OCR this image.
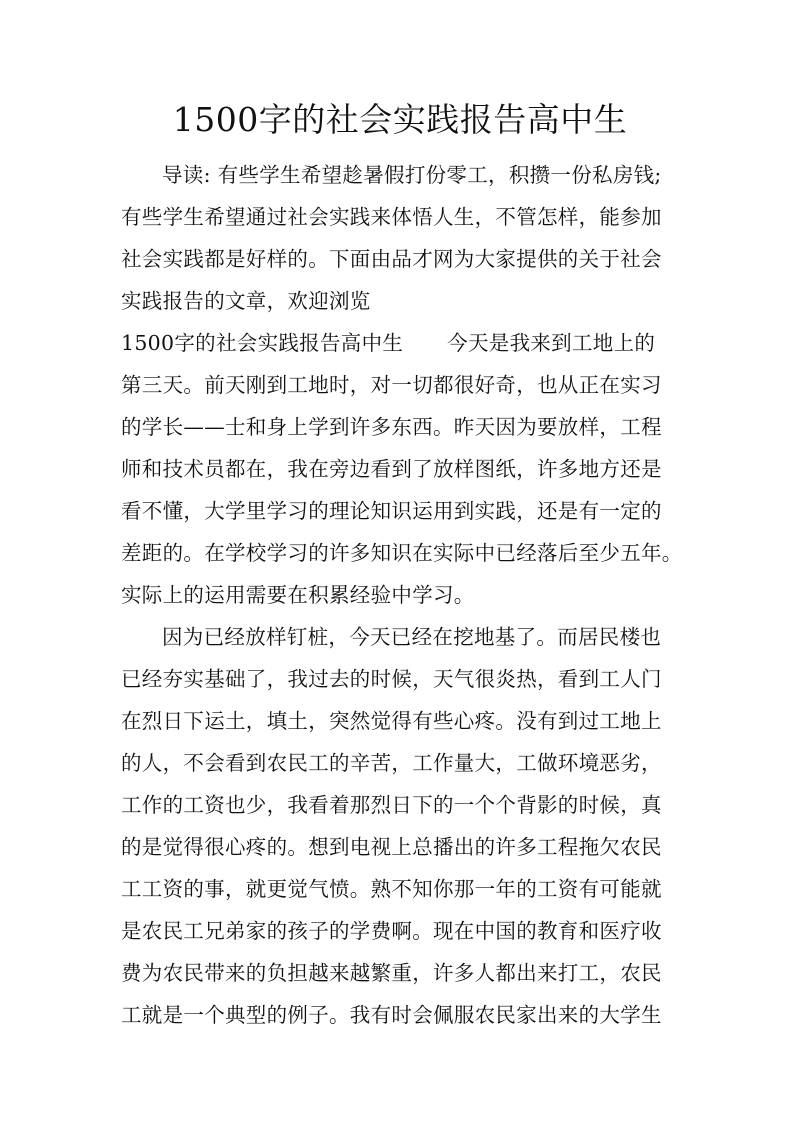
1500字的社会实践报告高中生
导读: 有些学生希望趁暑假打份零工，积攒一份私房钱;
有些学生希望通过社会实践来体悟人生，不管怎样，能参加
社会实践都是好样的。下面由品才网为大家提供的关于社会
实践报告的文章，欢迎浏览
1500字的社会实践报告高中生 今天是我来到工地上的
第三天。前天刚到工地时，对一切都很好奇，也从正在实习
的学长——士和身上学到许多东西。昨天因为要放样，工程
师和技术员都在，我在旁边看到了放样图纸，许多地方还是
看不懂，大学里学习的理论知识运用到实践，还是有一定的
差距的。在学校学习的许多知识在实际中已经落后至少五年。
实际上的运用需要在积累经验中学习。
因为已经放样钉桩，今天已经在挖地基了。而居民楼也
已经夯实基础了，我过去的时候，天气很炎热，看到工人门
在烈日下运土，填土，突然觉得有些心疼。没有到过工地上
的人，不会看到农民工的辛苦，工作量大，工做环境恶劣，
工作的工资也少，我看着那烈日下的一个个背影的时候，真
的是觉得很心疼的。想到电视上总播出的许多工程拖欠农民
工工资的事，就更觉气愤。熟不知你那一年的工资有可能就
是农民工兄弟家的孩子的学费啊。现在中国的教育和医疗收
费为农民带来的负担越来越繁重，许多人都出来打工，农民
工就是一个典型的例子。我有时会佩服农民家出来的大学生
